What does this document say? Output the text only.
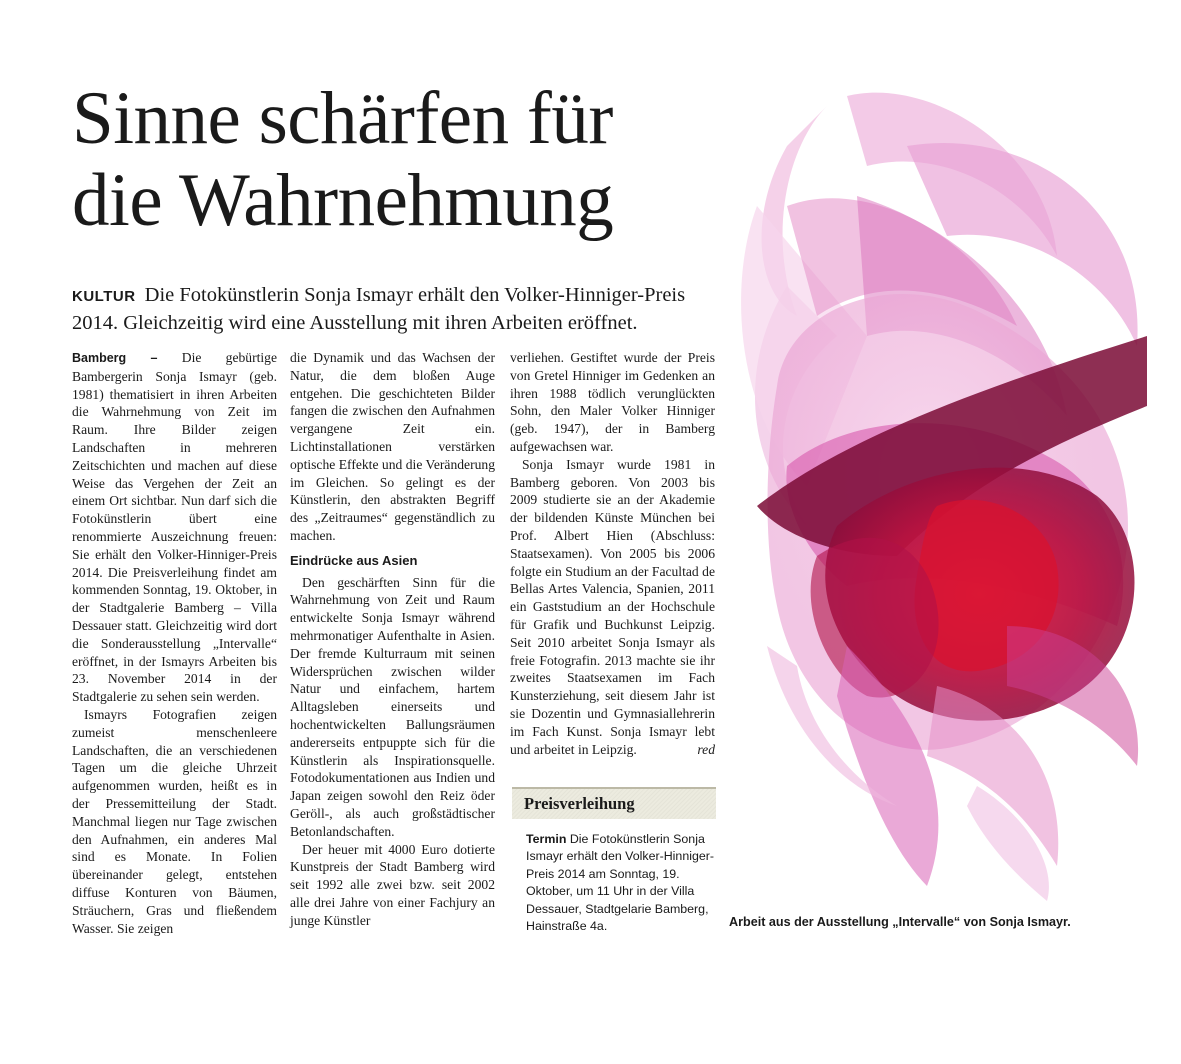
Sinne schärfen für
die Wahrnehmung
KULTUR Die Fotokünstlerin Sonja Ismayr erhält den Volker-Hinniger-Preis 2014. Gleichzeitig wird eine Ausstellung mit ihren Arbeiten eröffnet.

Bamberg – Die gebürtige Bambergerin Sonja Ismayr (geb. 1981) thematisiert in ihren Arbeiten die Wahrnehmung von Zeit im Raum. Ihre Bilder zeigen Landschaften in mehreren Zeitschichten und machen auf diese Weise das Vergehen der Zeit an einem Ort sichtbar. Nun darf sich die Fotokünstlerin übert eine renommierte Auszeichnung freuen: Sie erhält den Volker-Hinniger-Preis 2014. Die Preisverleihung findet am kommenden Sonntag, 19. Oktober, in der Stadtgalerie Bamberg – Villa Dessauer statt. Gleichzeitig wird dort die Sonderausstellung „Intervalle“ eröffnet, in der Ismayrs Arbeiten bis 23. November 2014 in der Stadtgalerie zu sehen sein werden.

Ismayrs Fotografien zeigen zumeist menschenleere Landschaften, die an verschiedenen Tagen um die gleiche Uhrzeit aufgenommen wurden, heißt es in der Pressemitteilung der Stadt. Manchmal liegen nur Tage zwischen den Aufnahmen, ein anderes Mal sind es Monate. In Folien übereinander gelegt, entstehen diffuse Konturen von Bäumen, Sträuchern, Gras und fließendem Wasser. Sie zeigen

die Dynamik und das Wachsen der Natur, die dem bloßen Auge entgehen. Die geschichteten Bilder fangen die zwischen den Aufnahmen vergangene Zeit ein. Lichtinstallationen verstärken optische Effekte und die Veränderung im Gleichen. So gelingt es der Künstlerin, den abstrakten Begriff des „Zeitraumes“ gegenständlich zu machen.

Eindrücke aus Asien

Den geschärften Sinn für die Wahrnehmung von Zeit und Raum entwickelte Sonja Ismayr während mehrmonatiger Aufenthalte in Asien. Der fremde Kulturraum mit seinen Widersprüchen zwischen wilder Natur und einfachem, hartem Alltagsleben einerseits und hochentwickelten Ballungsräumen andererseits entpuppte sich für die Künstlerin als Inspirationsquelle. Fotodokumentationen aus Indien und Japan zeigen sowohl den Reiz öder Geröll-, als auch großstädtischer Betonlandschaften.

Der heuer mit 4000 Euro dotierte Kunstpreis der Stadt Bamberg wird seit 1992 alle zwei bzw. seit 2002 alle drei Jahre von einer Fachjury an junge Künstler

verliehen. Gestiftet wurde der Preis von Gretel Hinniger im Gedenken an ihren 1988 tödlich verunglückten Sohn, den Maler Volker Hinniger (geb. 1947), der in Bamberg aufgewachsen war.

Sonja Ismayr wurde 1981 in Bamberg geboren. Von 2003 bis 2009 studierte sie an der Akademie der bildenden Künste München bei Prof. Albert Hien (Abschluss: Staatsexamen). Von 2005 bis 2006 folgte ein Studium an der Facultad de Bellas Artes Valencia, Spanien, 2011 ein Gaststudium an der Hochschule für Grafik und Buchkunst Leipzig. Seit 2010 arbeitet Sonja Ismayr als freie Fotografin. 2013 machte sie ihr zweites Staatsexamen im Fach Kunsterziehung, seit diesem Jahr ist sie Dozentin und Gymnasiallehrerin im Fach Kunst. Sonja Ismayr lebt und arbeitet in Leipzig.	red

Preisverleihung
Termin Die Fotokünstlerin Sonja Ismayr erhält den Volker-Hinniger-Preis 2014 am Sonntag, 19. Oktober, um 11 Uhr in der Villa Dessauer, Stadtgelarie Bamberg, Hainstraße 4a.	Arbeit aus der Ausstellung „Intervalle“ von Sonja Ismayr.
